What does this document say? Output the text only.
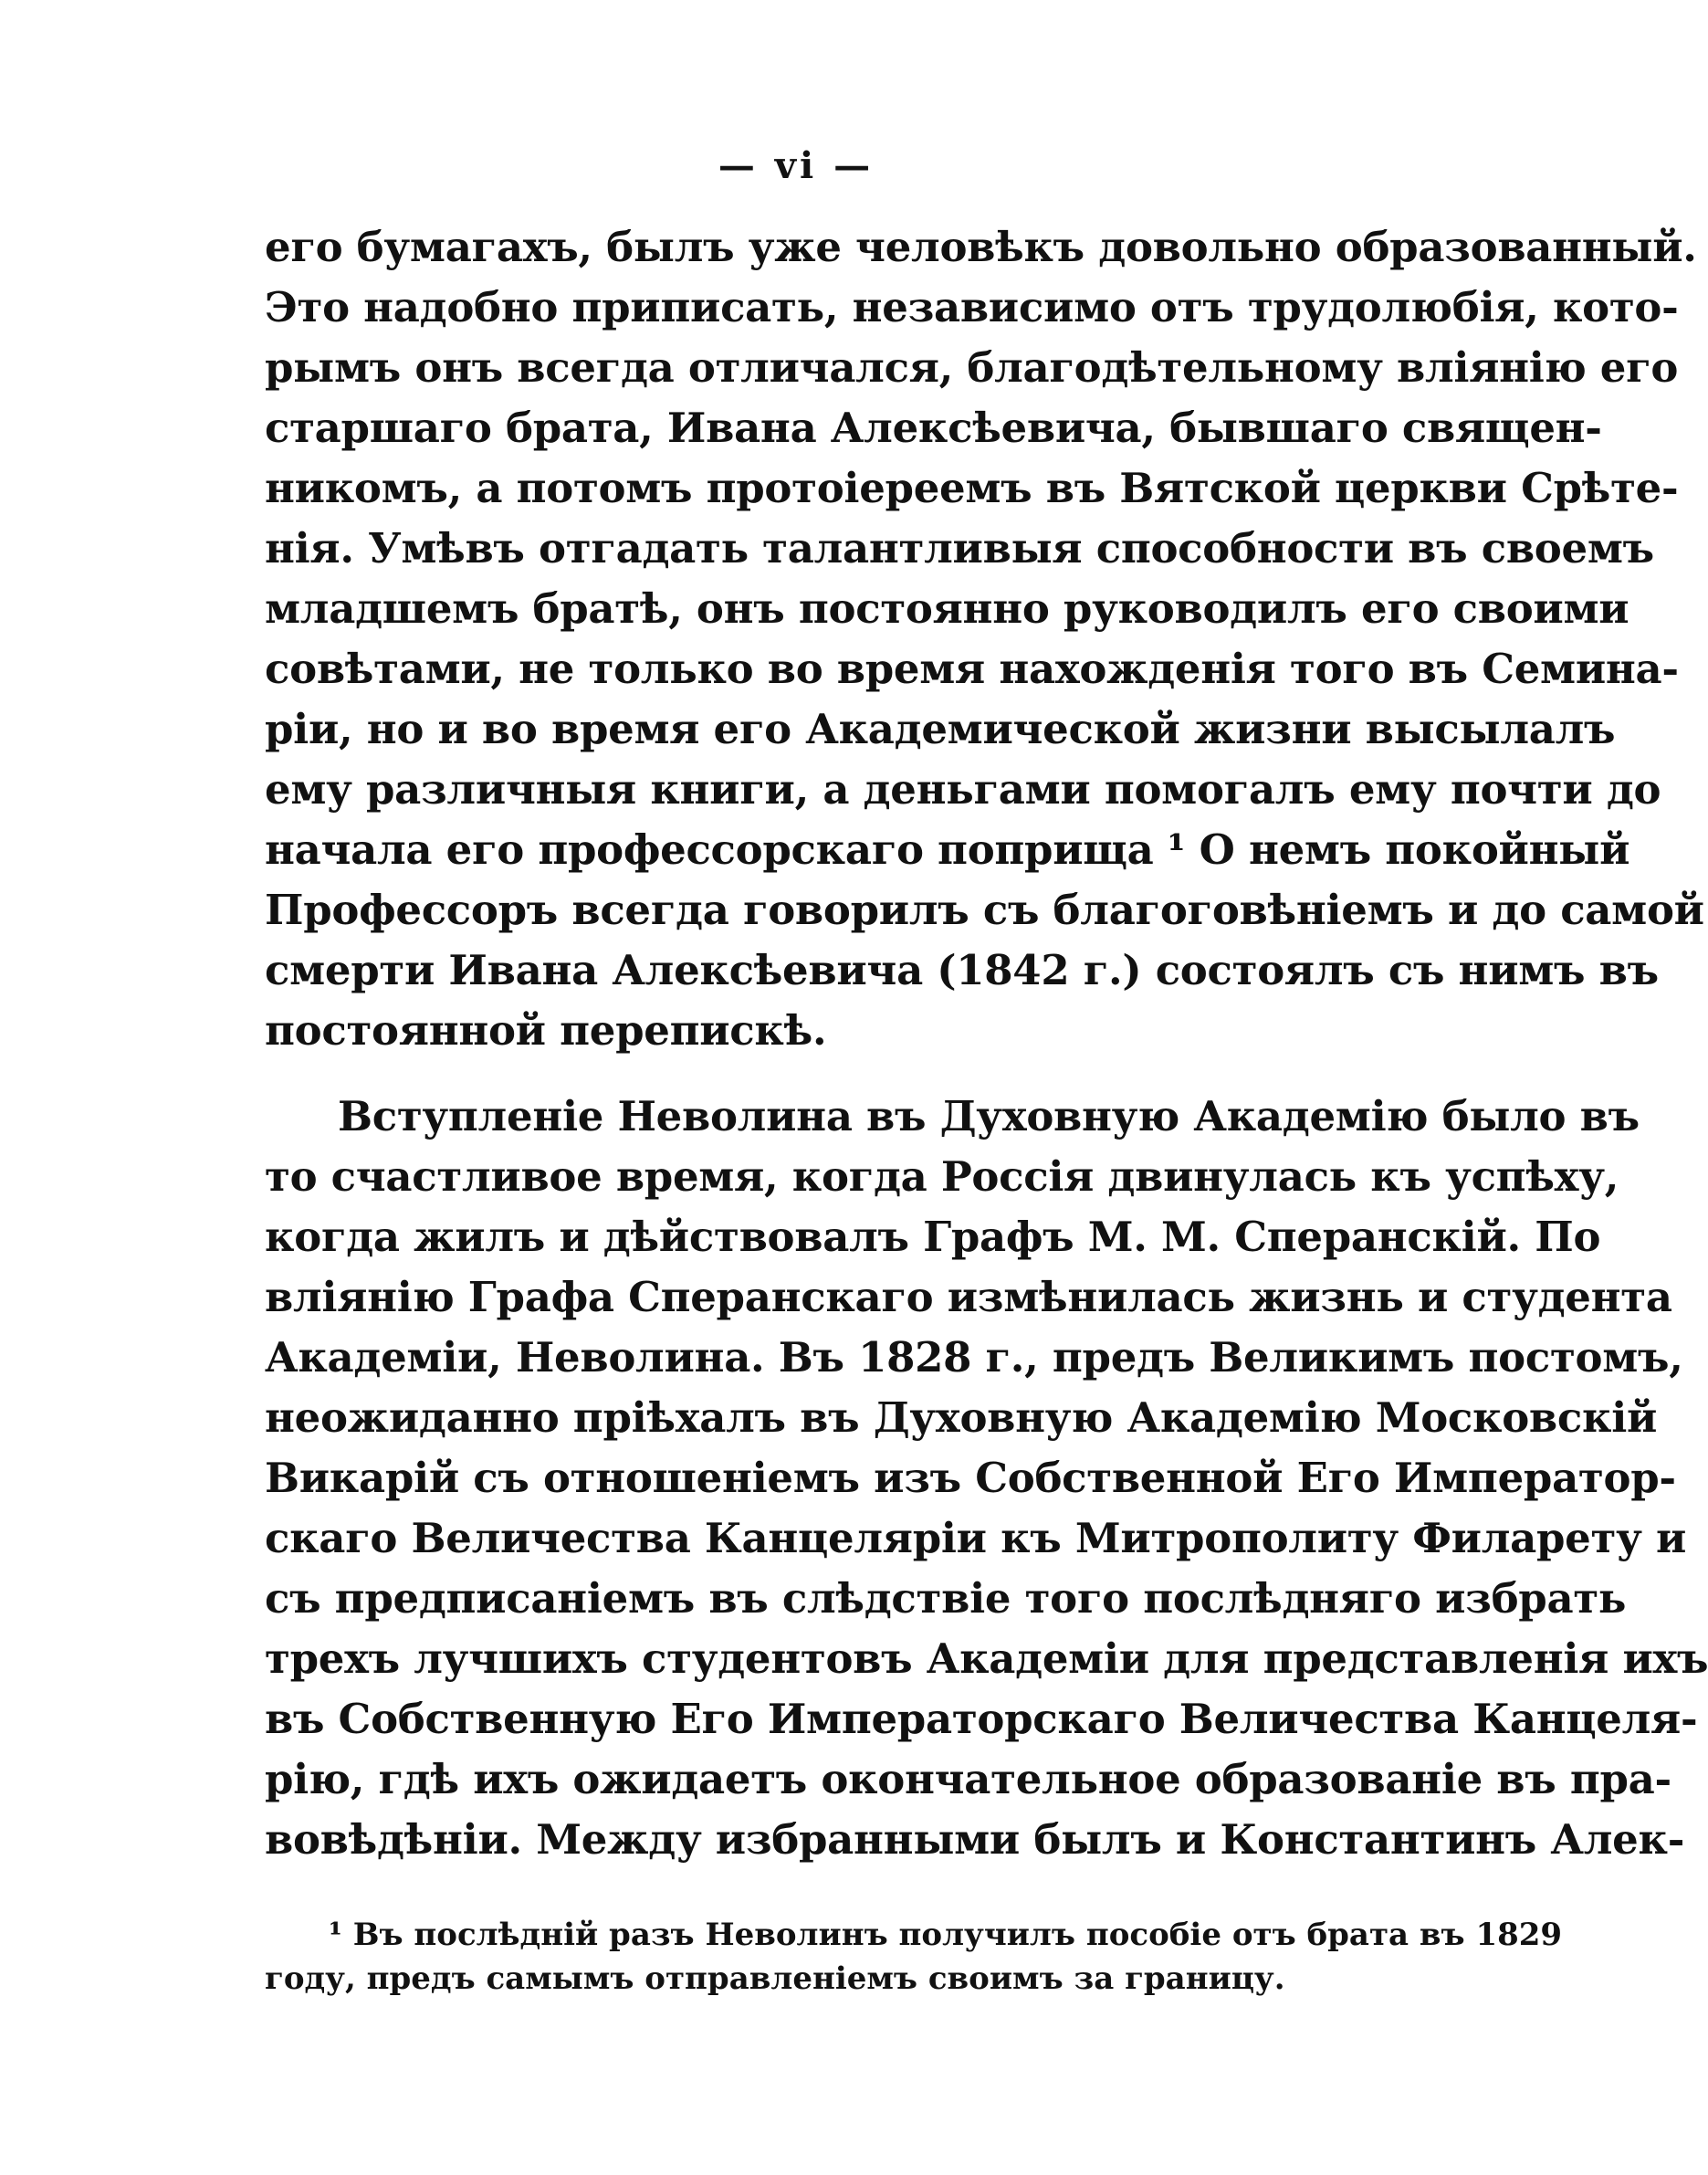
— vi —
его бумагахъ, былъ уже человѣкъ довольно образованный.
Это надобно приписать, независимо отъ трудолюбія, кото-
рымъ онъ всегда отличался, благодѣтельному вліянію его
старшаго брата, Ивана Алексѣевича, бывшаго священ-
никомъ, а потомъ протоіереемъ въ Вятской церкви Срѣте-
нія. Умѣвъ отгадать талантливыя способности въ своемъ
младшемъ братѣ, онъ постоянно руководилъ его своими
совѣтами, не только во время нахожденія того въ Семина-
ріи, но и во время его Академической жизни высылалъ
ему различныя книги, а деньгами помогалъ ему почти до
начала его профессорскаго поприща ¹ О немъ покойный
Профессоръ всегда говорилъ съ благоговѣніемъ и до самой
смерти Ивана Алексѣевича (1842 г.) состоялъ съ нимъ въ
постоянной перепискѣ.
Вступленіе Неволина въ Духовную Академію было въ
то счастливое время, когда Россія двинулась къ успѣху,
когда жилъ и дѣйствовалъ Графъ М. М. Сперанскій. По
вліянію Графа Сперанскаго измѣнилась жизнь и студента
Академіи, Неволина. Въ 1828 г., предъ Великимъ постомъ,
неожиданно пріѣхалъ въ Духовную Академію Московскій
Викарій съ отношеніемъ изъ Собственной Его Император-
скаго Величества Канцеляріи къ Митрополиту Филарету и
съ предписаніемъ въ слѣдствіе того послѣдняго избрать
трехъ лучшихъ студентовъ Академіи для представленія ихъ
въ Собственную Его Императорскаго Величества Канцеля-
рію, гдѣ ихъ ожидаетъ окончательное образованіе въ пра-
вовѣдѣніи. Между избранными былъ и Константинъ Алек-
¹ Въ послѣдній разъ Неволинъ получилъ пособіе отъ брата въ 1829
году, предъ самымъ отправленіемъ своимъ за границу.
